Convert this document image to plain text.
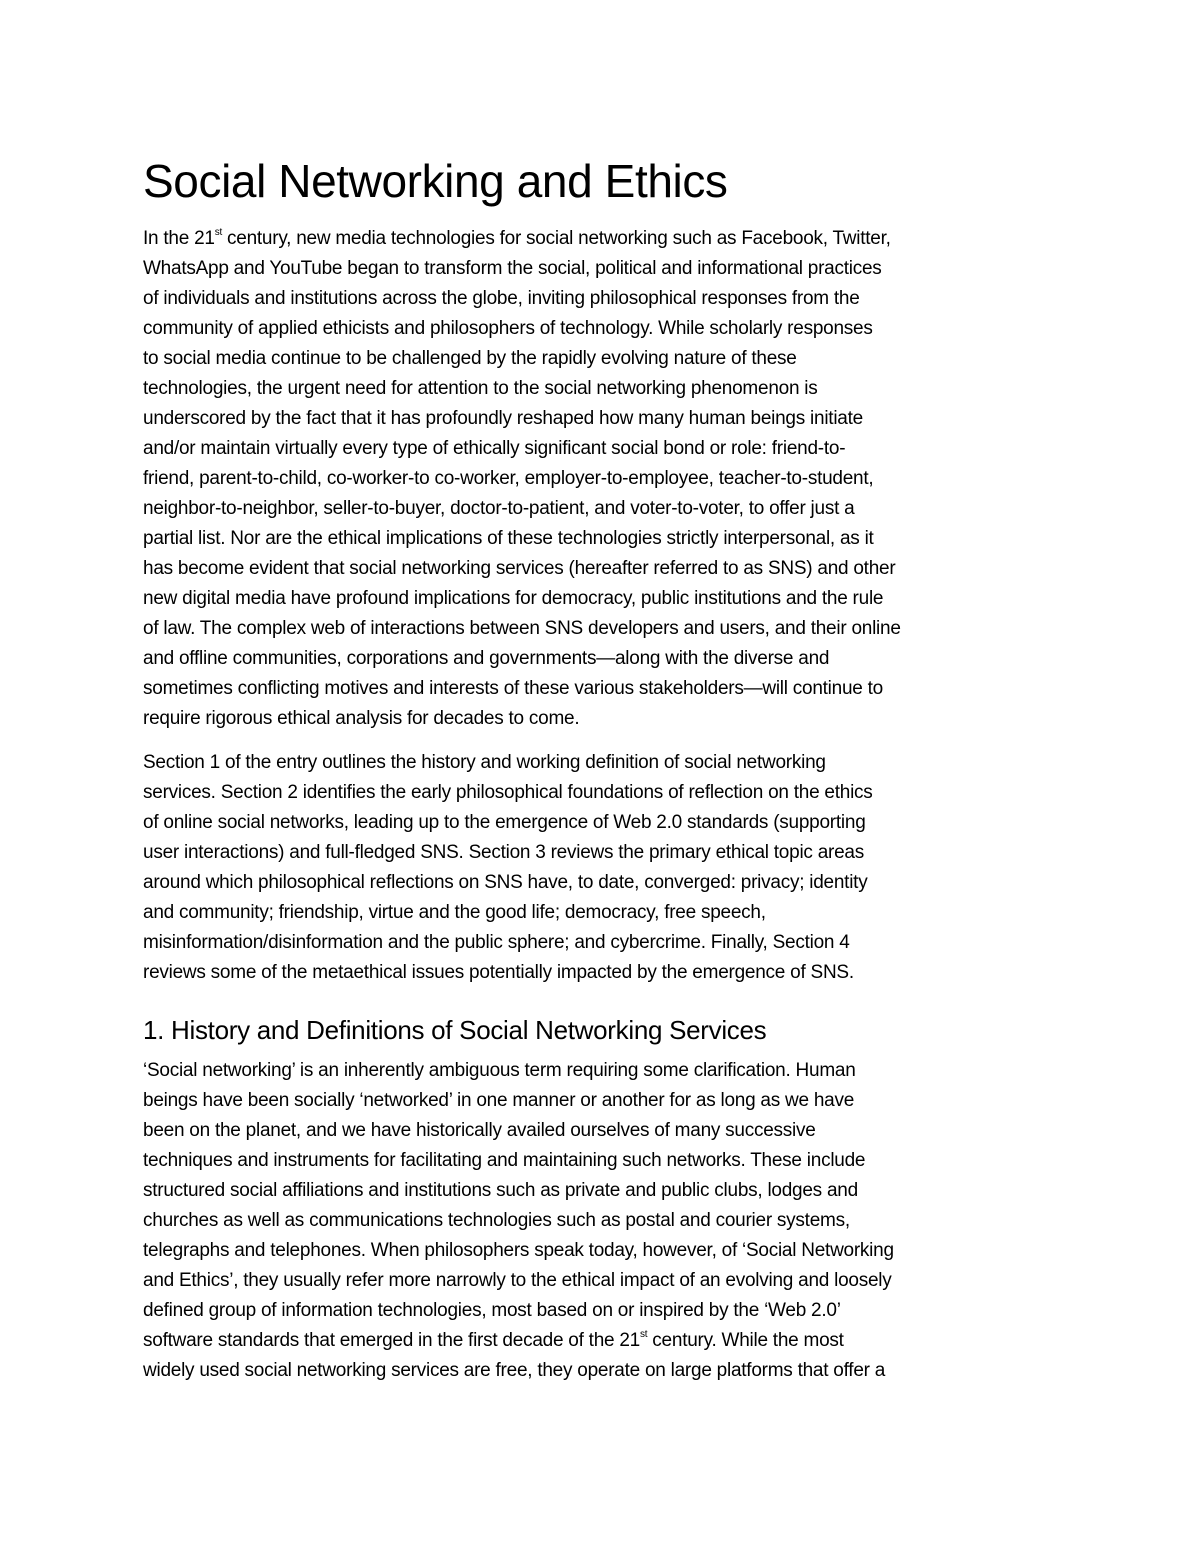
Social Networking and Ethics

In the 21st century, new media technologies for social networking such as Facebook, Twitter,
WhatsApp and YouTube began to transform the social, political and informational practices
of individuals and institutions across the globe, inviting philosophical responses from the
community of applied ethicists and philosophers of technology. While scholarly responses
to social media continue to be challenged by the rapidly evolving nature of these
technologies, the urgent need for attention to the social networking phenomenon is
underscored by the fact that it has profoundly reshaped how many human beings initiate
and/or maintain virtually every type of ethically significant social bond or role: friend-to-
friend, parent-to-child, co-worker-to co-worker, employer-to-employee, teacher-to-student,
neighbor-to-neighbor, seller-to-buyer, doctor-to-patient, and voter-to-voter, to offer just a
partial list. Nor are the ethical implications of these technologies strictly interpersonal, as it
has become evident that social networking services (hereafter referred to as SNS) and other
new digital media have profound implications for democracy, public institutions and the rule
of law. The complex web of interactions between SNS developers and users, and their online
and offline communities, corporations and governments—along with the diverse and
sometimes conflicting motives and interests of these various stakeholders—will continue to
require rigorous ethical analysis for decades to come.

Section 1 of the entry outlines the history and working definition of social networking
services. Section 2 identifies the early philosophical foundations of reflection on the ethics
of online social networks, leading up to the emergence of Web 2.0 standards (supporting
user interactions) and full-fledged SNS. Section 3 reviews the primary ethical topic areas
around which philosophical reflections on SNS have, to date, converged: privacy; identity
and community; friendship, virtue and the good life; democracy, free speech,
misinformation/disinformation and the public sphere; and cybercrime. Finally, Section 4
reviews some of the metaethical issues potentially impacted by the emergence of SNS.

1. History and Definitions of Social Networking Services

‘Social networking’ is an inherently ambiguous term requiring some clarification. Human
beings have been socially ‘networked’ in one manner or another for as long as we have
been on the planet, and we have historically availed ourselves of many successive
techniques and instruments for facilitating and maintaining such networks. These include
structured social affiliations and institutions such as private and public clubs, lodges and
churches as well as communications technologies such as postal and courier systems,
telegraphs and telephones. When philosophers speak today, however, of ‘Social Networking
and Ethics’, they usually refer more narrowly to the ethical impact of an evolving and loosely
defined group of information technologies, most based on or inspired by the ‘Web 2.0’
software standards that emerged in the first decade of the 21st century. While the most
widely used social networking services are free, they operate on large platforms that offer a
